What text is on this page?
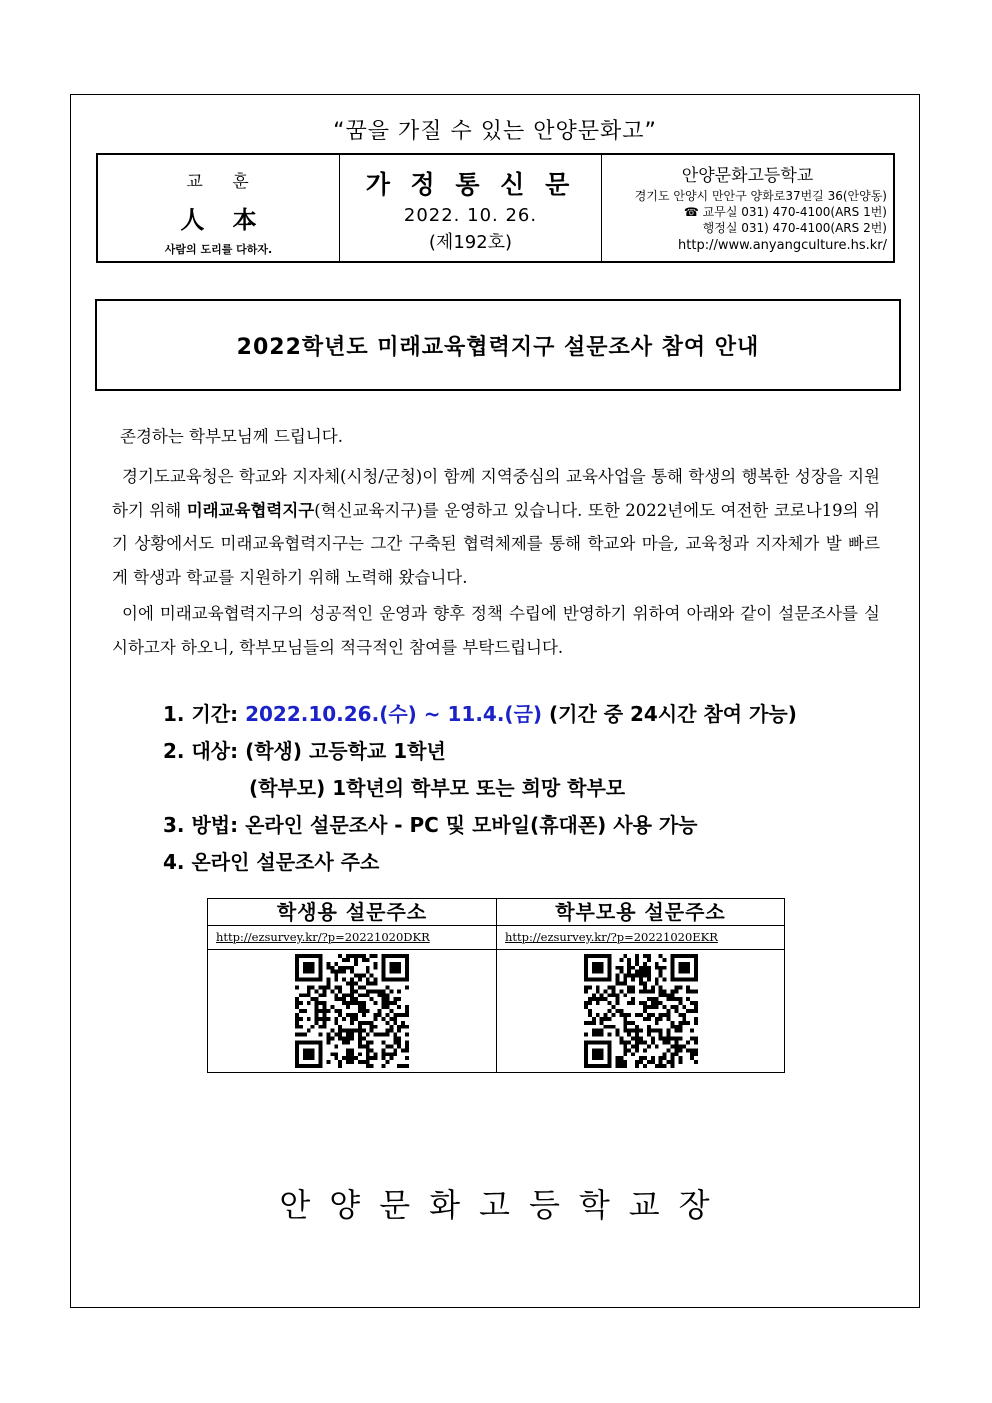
“꿈을 가질 수 있는 안양문화고”
교 훈
人 本
사람의 도리를 다하자.
가 정 통 신 문
2022. 10. 26.
(제192호)
안양문화고등학교
경기도 안양시 만안구 양화로37번길 36(안양동)
☎ 교무실 031) 470-4100(ARS 1번)
행정실 031) 470-4100(ARS 2번)
http://www.anyangculture.hs.kr/
2022학년도 미래교육협력지구 설문조사 참여 안내
존경하는 학부모님께 드립니다.
경기도교육청은 학교와 지자체(시청/군청)이 함께 지역중심의 교육사업을 통해 학생의 행복한 성장을 지원하기 위해 미래교육협력지구(혁신교육지구)를 운영하고 있습니다. 또한 2022년에도 여전한 코로나19의 위기 상황에서도 미래교육협력지구는 그간 구축된 협력체제를 통해 학교와 마을, 교육청과 지자체가 발 빠르게 학생과 학교를 지원하기 위해 노력해 왔습니다.
이에 미래교육협력지구의 성공적인 운영과 향후 정책 수립에 반영하기 위하여 아래와 같이 설문조사를 실시하고자 하오니, 학부모님들의 적극적인 참여를 부탁드립니다.
1. 기간: 2022.10.26.(수) ~ 11.4.(금) (기간 중 24시간 참여 가능)
2. 대상: (학생) 고등학교 1학년
(학부모) 1학년의 학부모 또는 희망 학부모
3. 방법: 온라인 설문조사 - PC 및 모바일(휴대폰) 사용 가능
4. 온라인 설문조사 주소
학생용 설문주소	학부모용 설문주소
http://ezsurvey.kr/?p=20221020DKR	http://ezsurvey.kr/?p=20221020EKR
안양문화고등학교장
